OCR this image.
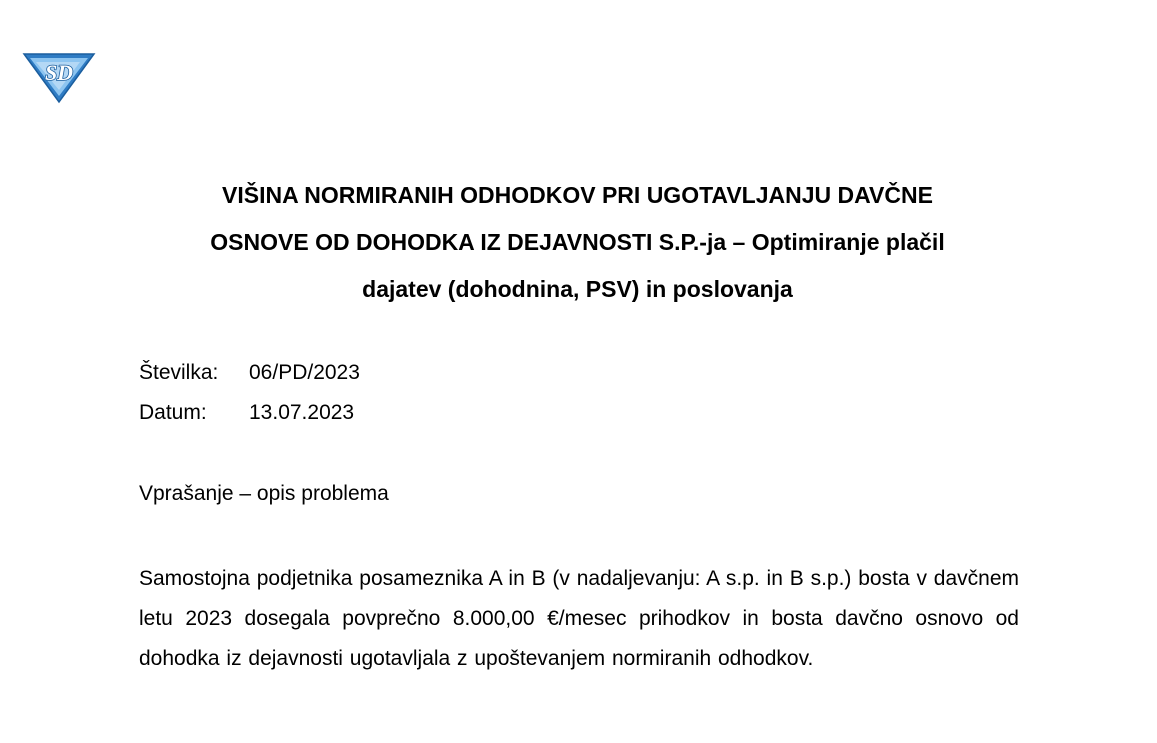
SD
VIŠINA NORMIRANIH ODHODKOV PRI UGOTAVLJANJU DAVČNE
OSNOVE OD DOHODKA IZ DEJAVNOSTI S.P.-ja – Optimiranje plačil
dajatev (dohodnina, PSV) in poslovanja
Številka: 06/PD/2023
Datum: 13.07.2023
Vprašanje – opis problema
Samostojna podjetnika posameznika A in B (v nadaljevanju: A s.p. in B s.p.) bosta v davčnem letu 2023 dosegala povprečno 8.000,00 €/mesec prihodkov in bosta davčno osnovo od dohodka iz dejavnosti ugotavljala z upoštevanjem normiranih odhodkov.
